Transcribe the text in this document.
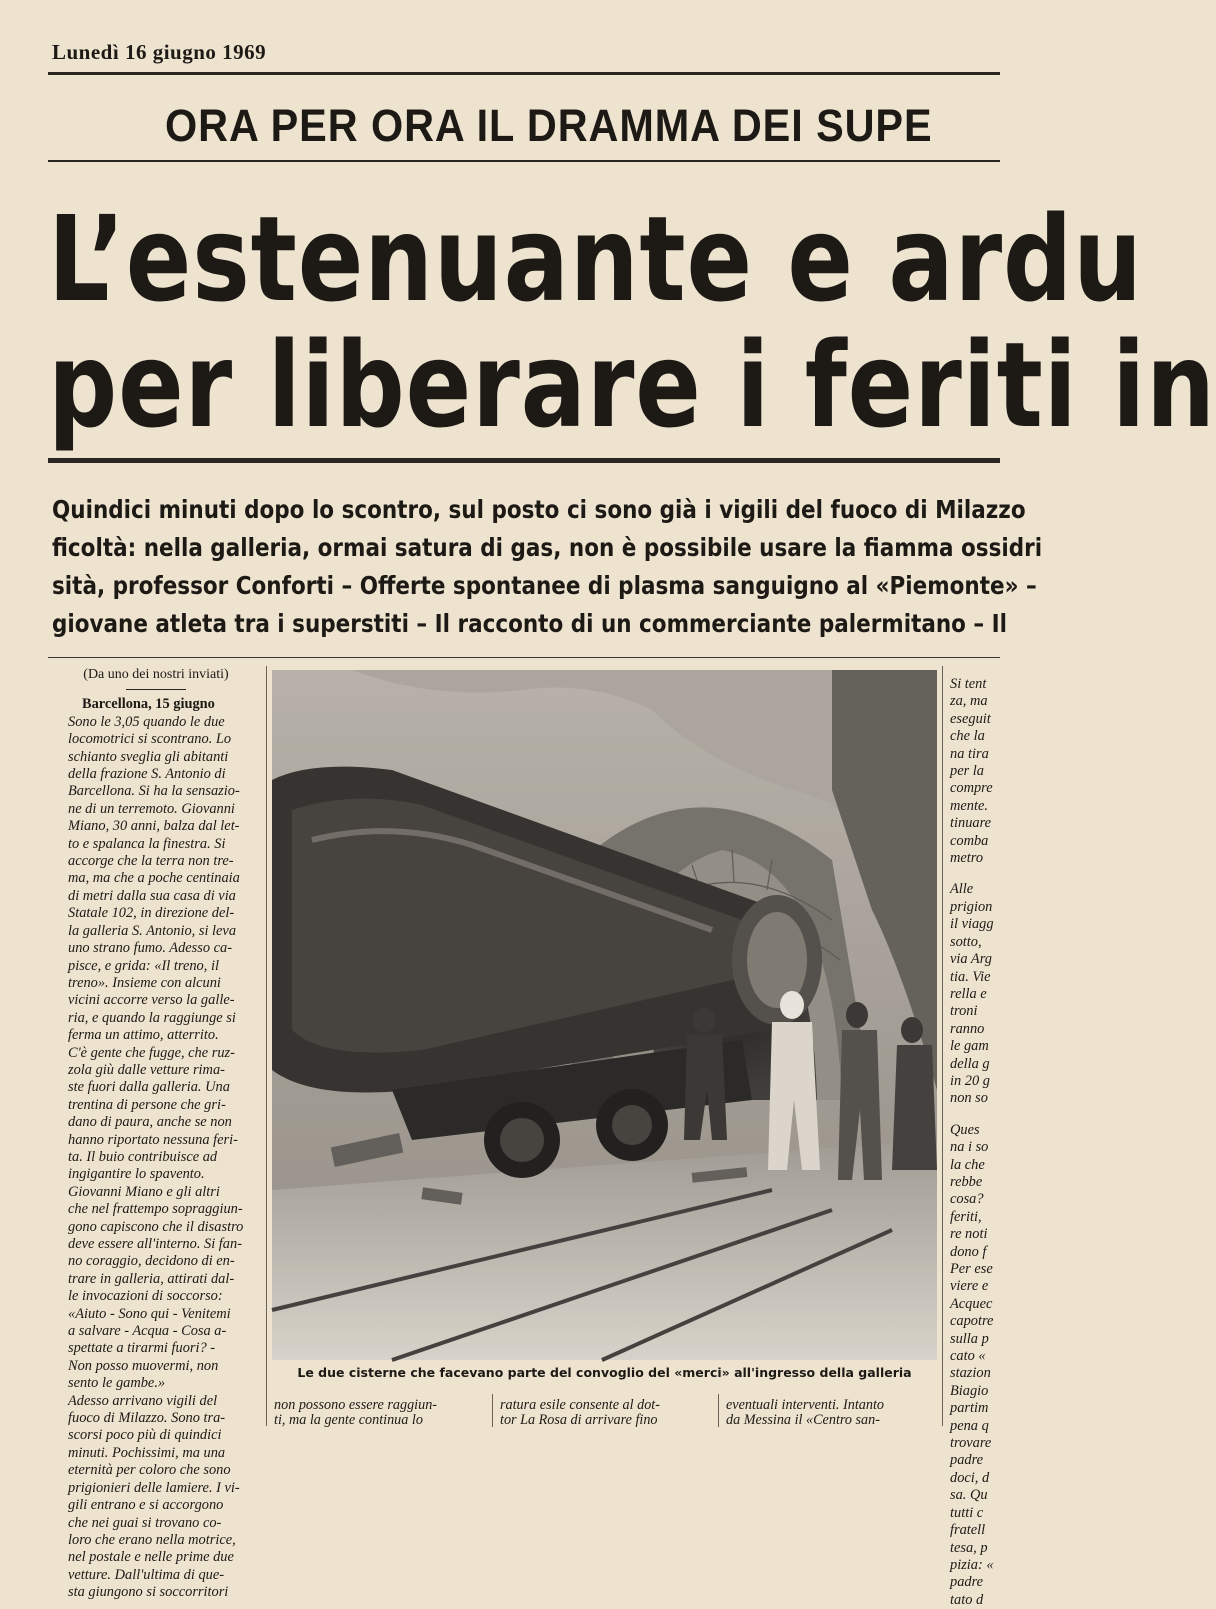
Lunedì 16 giugno 1969
ORA PER ORA IL DRAMMA DEI SUPE
L’estenuante e ardu
per liberare i feriti in
Quindici minuti dopo lo scontro, sul posto ci sono già i vigili del fuoco di Milazzo
ficoltà: nella galleria, ormai satura di gas, non è possibile usare la fiamma ossidri
sità, professor Conforti – Offerte spontanee di plasma sanguigno al «Piemonte» –
giovane atleta tra i superstiti – Il racconto di un commerciante palermitano – Il
(Da uno dei nostri inviati)
Barcellona, 15 giugno

Sono le 3,05 quando le due
locomotrici si scontrano. Lo
schianto sveglia gli abitanti
della frazione S. Antonio di
Barcellona. Si ha la sensazio-
ne di un terremoto. Giovanni
Miano, 30 anni, balza dal let-
to e spalanca la finestra. Si
accorge che la terra non tre-
ma, ma che a poche centinaia
di metri dalla sua casa di via
Statale 102, in direzione del-
la galleria S. Antonio, si leva
uno strano fumo. Adesso ca-
pisce, e grida: «Il treno, il
treno». Insieme con alcuni
vicini accorre verso la galle-
ria, e quando la raggiunge si
ferma un attimo, atterrito.
C'è gente che fugge, che ruz-
zola giù dalle vetture rima-
ste fuori dalla galleria. Una
trentina di persone che gri-
dano di paura, anche se non
hanno riportato nessuna feri-
ta. Il buio contribuisce ad
ingigantire lo spavento.

Giovanni Miano e gli altri
che nel frattempo sopraggiun-
gono capiscono che il disastro
deve essere all'interno. Si fan-
no coraggio, decidono di en-
trare in galleria, attirati dal-
le invocazioni di soccorso:
«Aiuto - Sono qui - Venitemi
a salvare - Acqua - Cosa a-
spettate a tirarmi fuori? -
Non posso muovermi, non
sento le gambe.»

Adesso arrivano vigili del
fuoco di Milazzo. Sono tra-
scorsi poco più di quindici
minuti. Pochissimi, ma una
eternità per coloro che sono
prigionieri delle lamiere. I vi-
gili entrano e si accorgono
che nei guai si trovano co-
loro che erano nella motrice,
nel postale e nelle prime due
vetture. Dall'ultima di que-
sta giungono si soccorritori

Le due cisterne che facevano parte del convoglio del «merci» all'ingresso della galleria
non possono essere raggiun-
ti, ma la gente continua lo
ratura esile consente al dot-
tor La Rosa di arrivare fino
eventuali interventi. Intanto
da Messina il «Centro san-
Si tent
za, ma
eseguit
che la
na tira
per la
compre
mente.
tinuare
comba
metro
Alle
prigion
il viagg
sotto,
via Arg
tia. Vie
rella e
troni
ranno
le gam
della g
in 20 g
non so
Ques
na i so
la che
rebbe
cosa?
feriti,
re noti
dono f
Per ese
viere e
Acquec
capotre
sulla p
cato «
stazion
Biagio
partim
pena q
trovare
padre
doci, d
sa. Qu
tutti c
fratell
tesa, p
pizia: «
padre
tato d
